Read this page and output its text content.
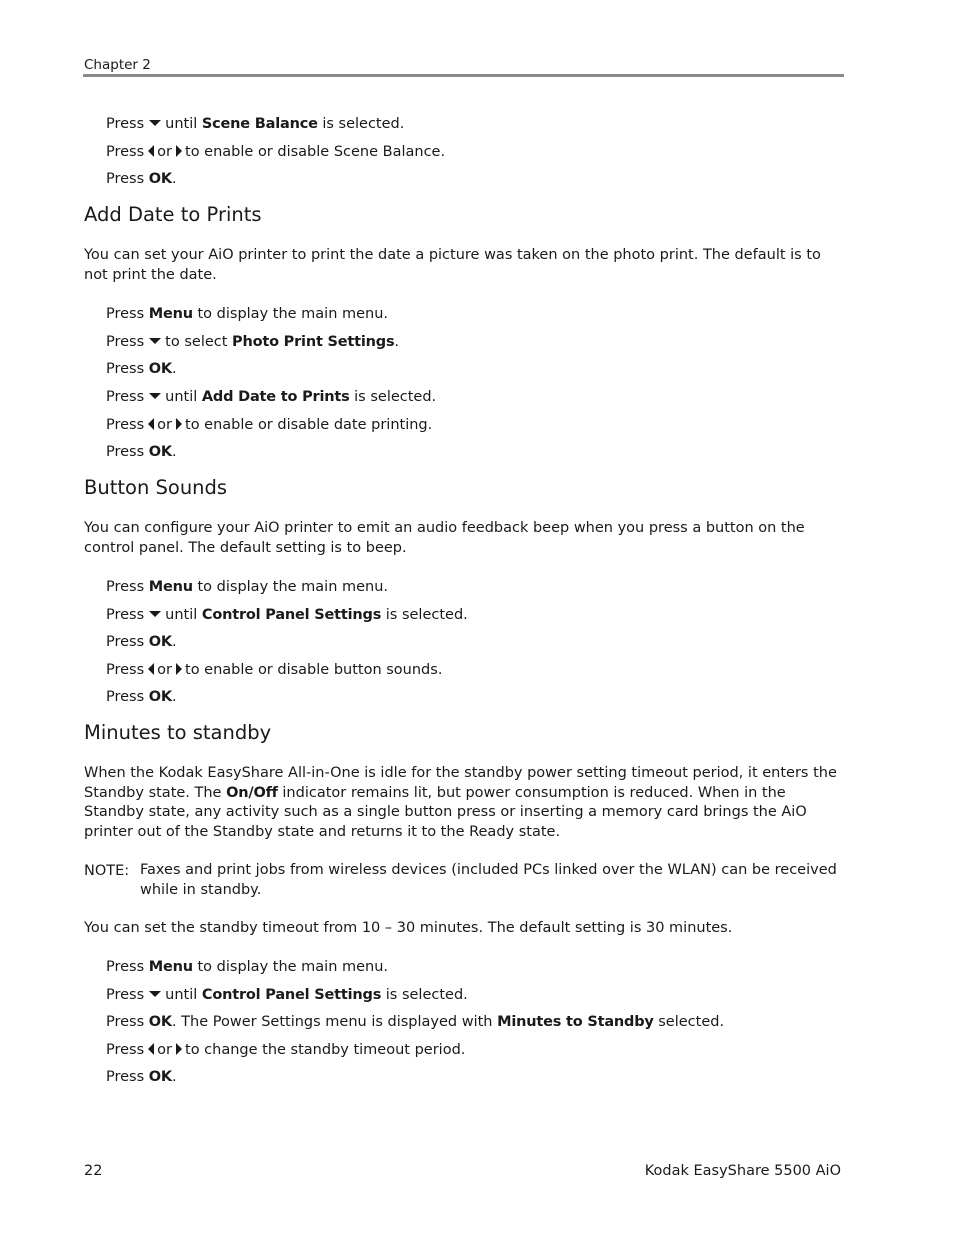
Chapter 2
Press until Scene Balance is selected.
Press or to enable or disable Scene Balance.
Press OK.
Add Date to Prints
You can set your AiO printer to print the date a picture was taken on the photo print. The default is to not print the date.
Press Menu to display the main menu.
Press to select Photo Print Settings.
Press OK.
Press until Add Date to Prints is selected.
Press or to enable or disable date printing.
Press OK.
Button Sounds
You can configure your AiO printer to emit an audio feedback beep when you press a button on the control panel. The default setting is to beep.
Press Menu to display the main menu.
Press until Control Panel Settings is selected.
Press OK.
Press or to enable or disable button sounds.
Press OK.
Minutes to standby
When the Kodak EasyShare All-in-One is idle for the standby power setting timeout period, it enters the Standby state. The On/Off indicator remains lit, but power consumption is reduced. When in the Standby state, any activity such as a single button press or inserting a memory card brings the AiO printer out of the Standby state and returns it to the Ready state.
NOTE: Faxes and print jobs from wireless devices (included PCs linked over the WLAN) can be received while in standby.
You can set the standby timeout from 10 – 30 minutes. The default setting is 30 minutes.
Press Menu to display the main menu.
Press until Control Panel Settings is selected.
Press OK. The Power Settings menu is displayed with Minutes to Standby selected.
Press or to change the standby timeout period.
Press OK.
22	Kodak EasyShare 5500 AiO
